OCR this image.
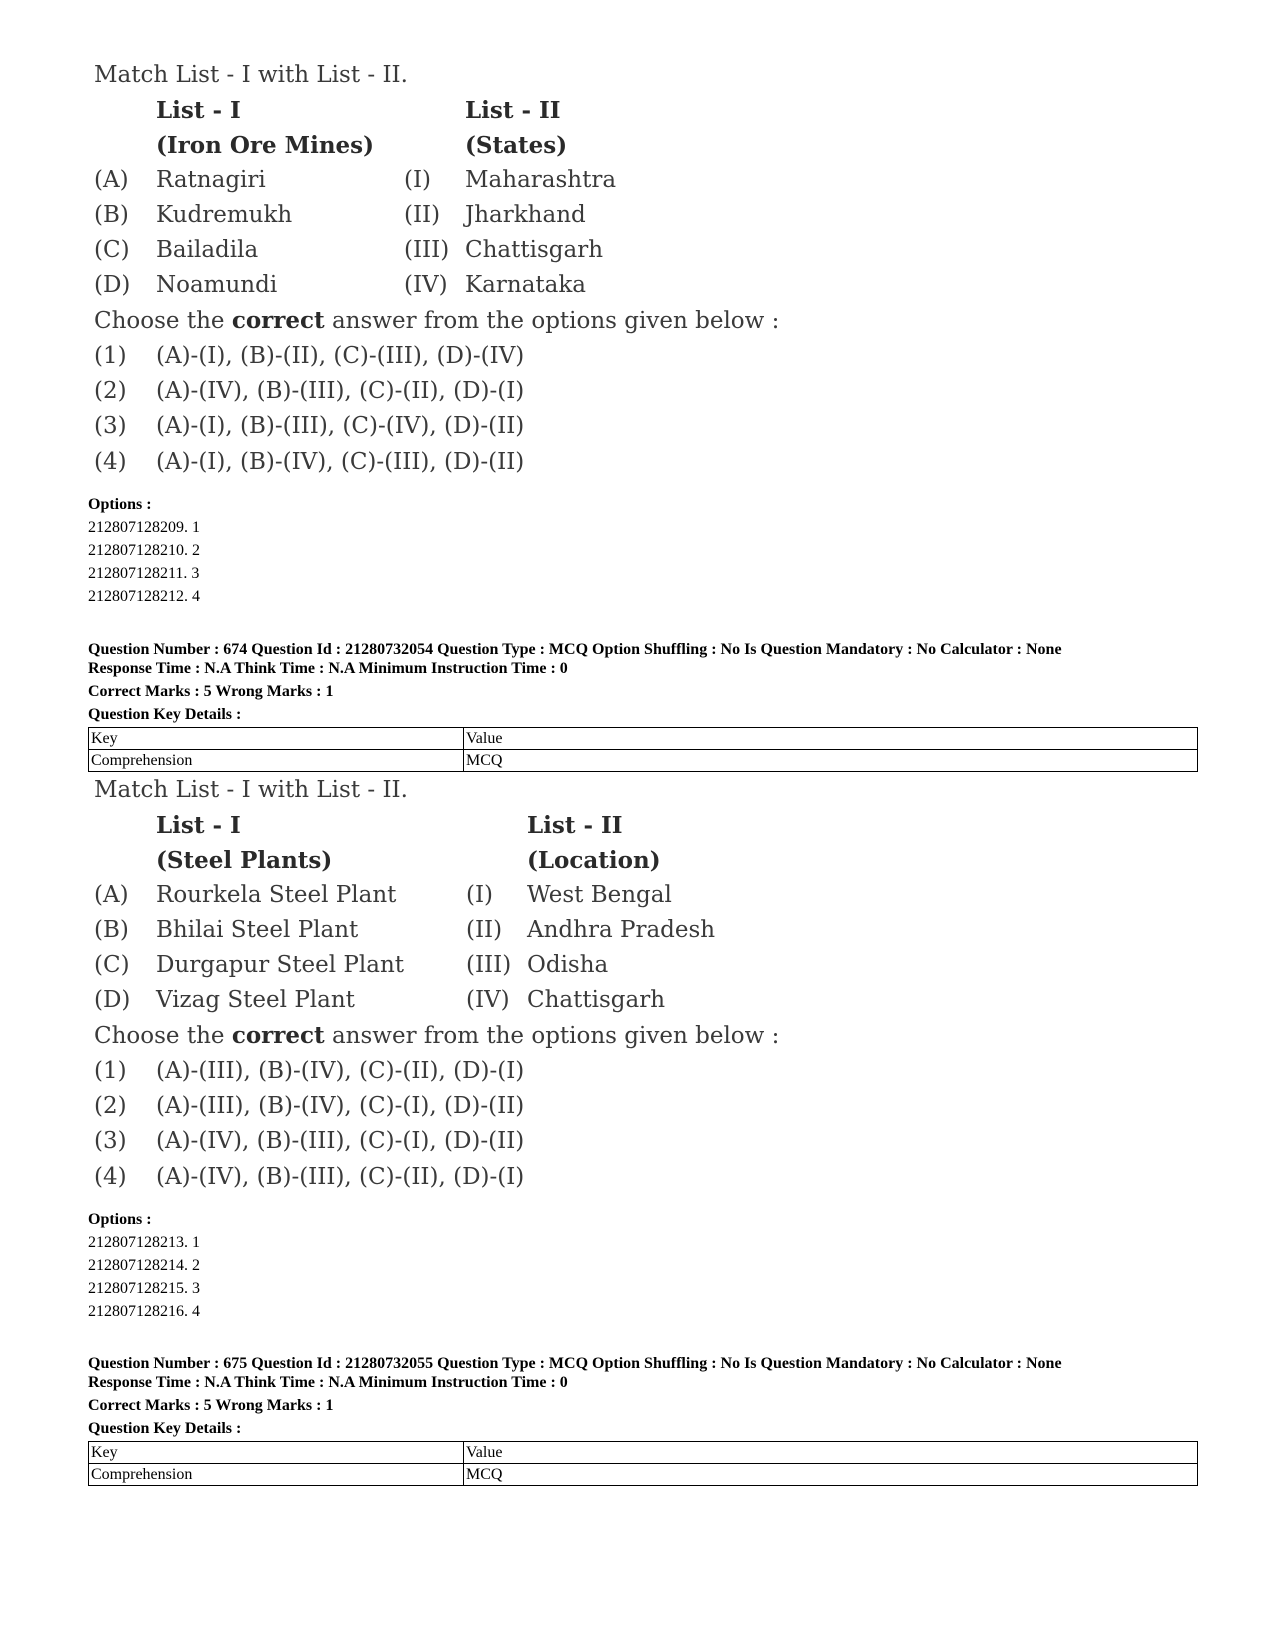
Match List - I with List - II.
List - I	List - II
(Iron Ore Mines)	(States)
(A) Ratnagiri	(I) Maharashtra
(B) Kudremukh	(II) Jharkhand
(C) Bailadila	(III) Chattisgarh
(D) Noamundi	(IV) Karnataka
Choose the correct answer from the options given below :
(1) (A)-(I), (B)-(II), (C)-(III), (D)-(IV)
(2) (A)-(IV), (B)-(III), (C)-(II), (D)-(I)
(3) (A)-(I), (B)-(III), (C)-(IV), (D)-(II)
(4) (A)-(I), (B)-(IV), (C)-(III), (D)-(II)
Options :
212807128209. 1
212807128210. 2
212807128211. 3
212807128212. 4
Question Number : 674 Question Id : 21280732054 Question Type : MCQ Option Shuffling : No Is Question Mandatory : No Calculator : None
Response Time : N.A Think Time : N.A Minimum Instruction Time : 0
Correct Marks : 5 Wrong Marks : 1
Question Key Details :
Key	Value
Comprehension	MCQ
Match List - I with List - II.
List - I	List - II
(Steel Plants)	(Location)
(A) Rourkela Steel Plant	(I) West Bengal
(B) Bhilai Steel Plant	(II) Andhra Pradesh
(C) Durgapur Steel Plant	(III) Odisha
(D) Vizag Steel Plant	(IV) Chattisgarh
Choose the correct answer from the options given below :
(1) (A)-(III), (B)-(IV), (C)-(II), (D)-(I)
(2) (A)-(III), (B)-(IV), (C)-(I), (D)-(II)
(3) (A)-(IV), (B)-(III), (C)-(I), (D)-(II)
(4) (A)-(IV), (B)-(III), (C)-(II), (D)-(I)
Options :
212807128213. 1
212807128214. 2
212807128215. 3
212807128216. 4
Question Number : 675 Question Id : 21280732055 Question Type : MCQ Option Shuffling : No Is Question Mandatory : No Calculator : None
Response Time : N.A Think Time : N.A Minimum Instruction Time : 0
Correct Marks : 5 Wrong Marks : 1
Question Key Details :
Key	Value
Comprehension	MCQ
